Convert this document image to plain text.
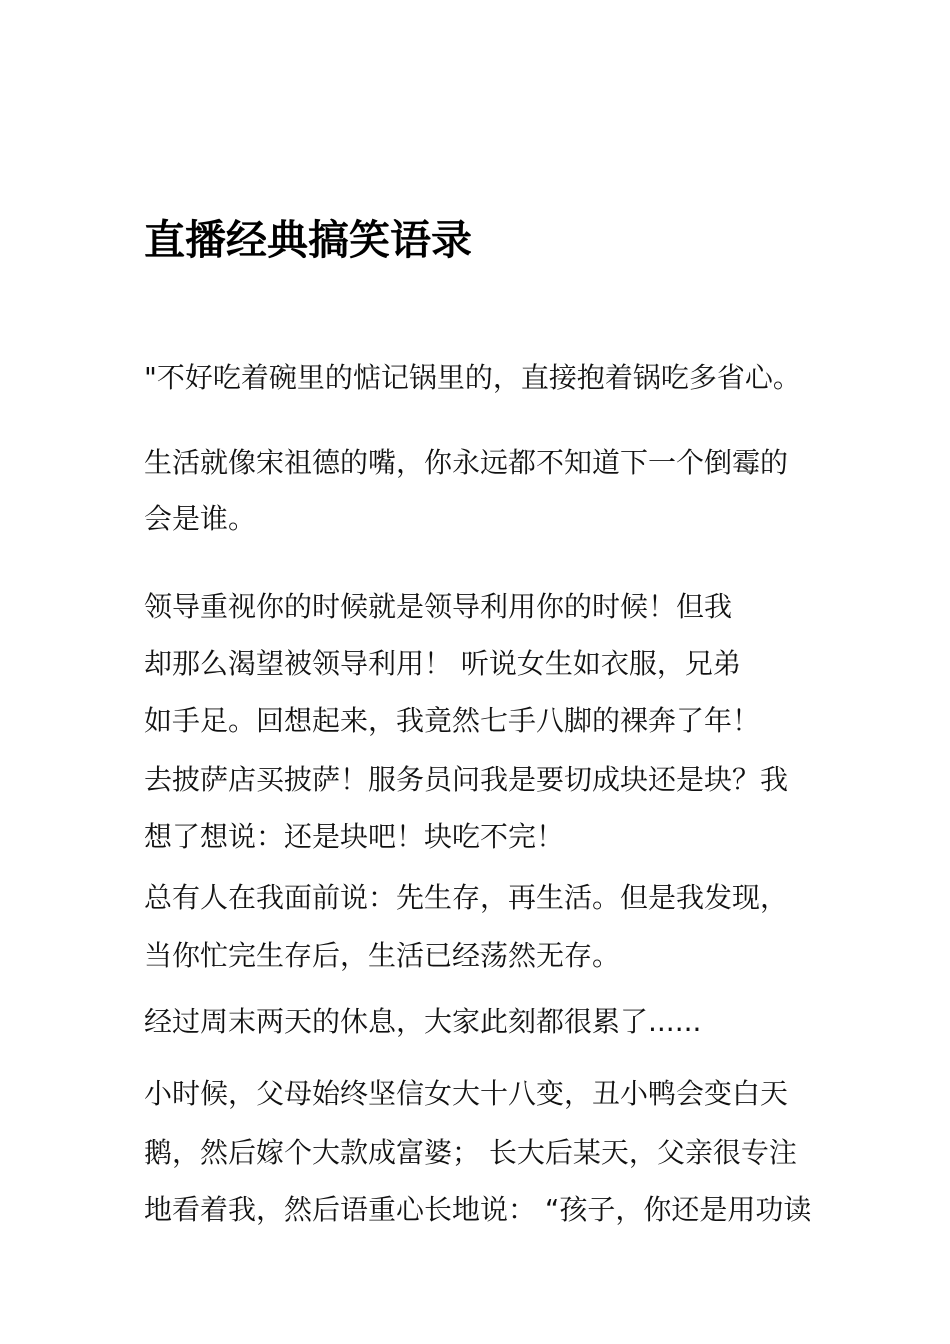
直播经典搞笑语录

"不好吃着碗里的惦记锅里的，直接抱着锅吃多省心。

生活就像宋祖德的嘴，你永远都不知道下一个倒霉的

会是谁。

领导重视你的时候就是领导利用你的时候！但我

却那么渴望被领导利用！ 听说女生如衣服，兄弟

如手足。回想起来，我竟然七手八脚的裸奔了年！

去披萨店买披萨！服务员问我是要切成块还是块？我

想了想说：还是块吧！块吃不完！

总有人在我面前说：先生存，再生活。但是我发现，

当你忙完生存后，生活已经荡然无存。

经过周末两天的休息，大家此刻都很累了......

小时候，父母始终坚信女大十八变，丑小鸭会变白天

鹅，然后嫁个大款成富婆； 长大后某天，父亲很专注

地看着我，然后语重心长地说： “孩子，你还是用功读
